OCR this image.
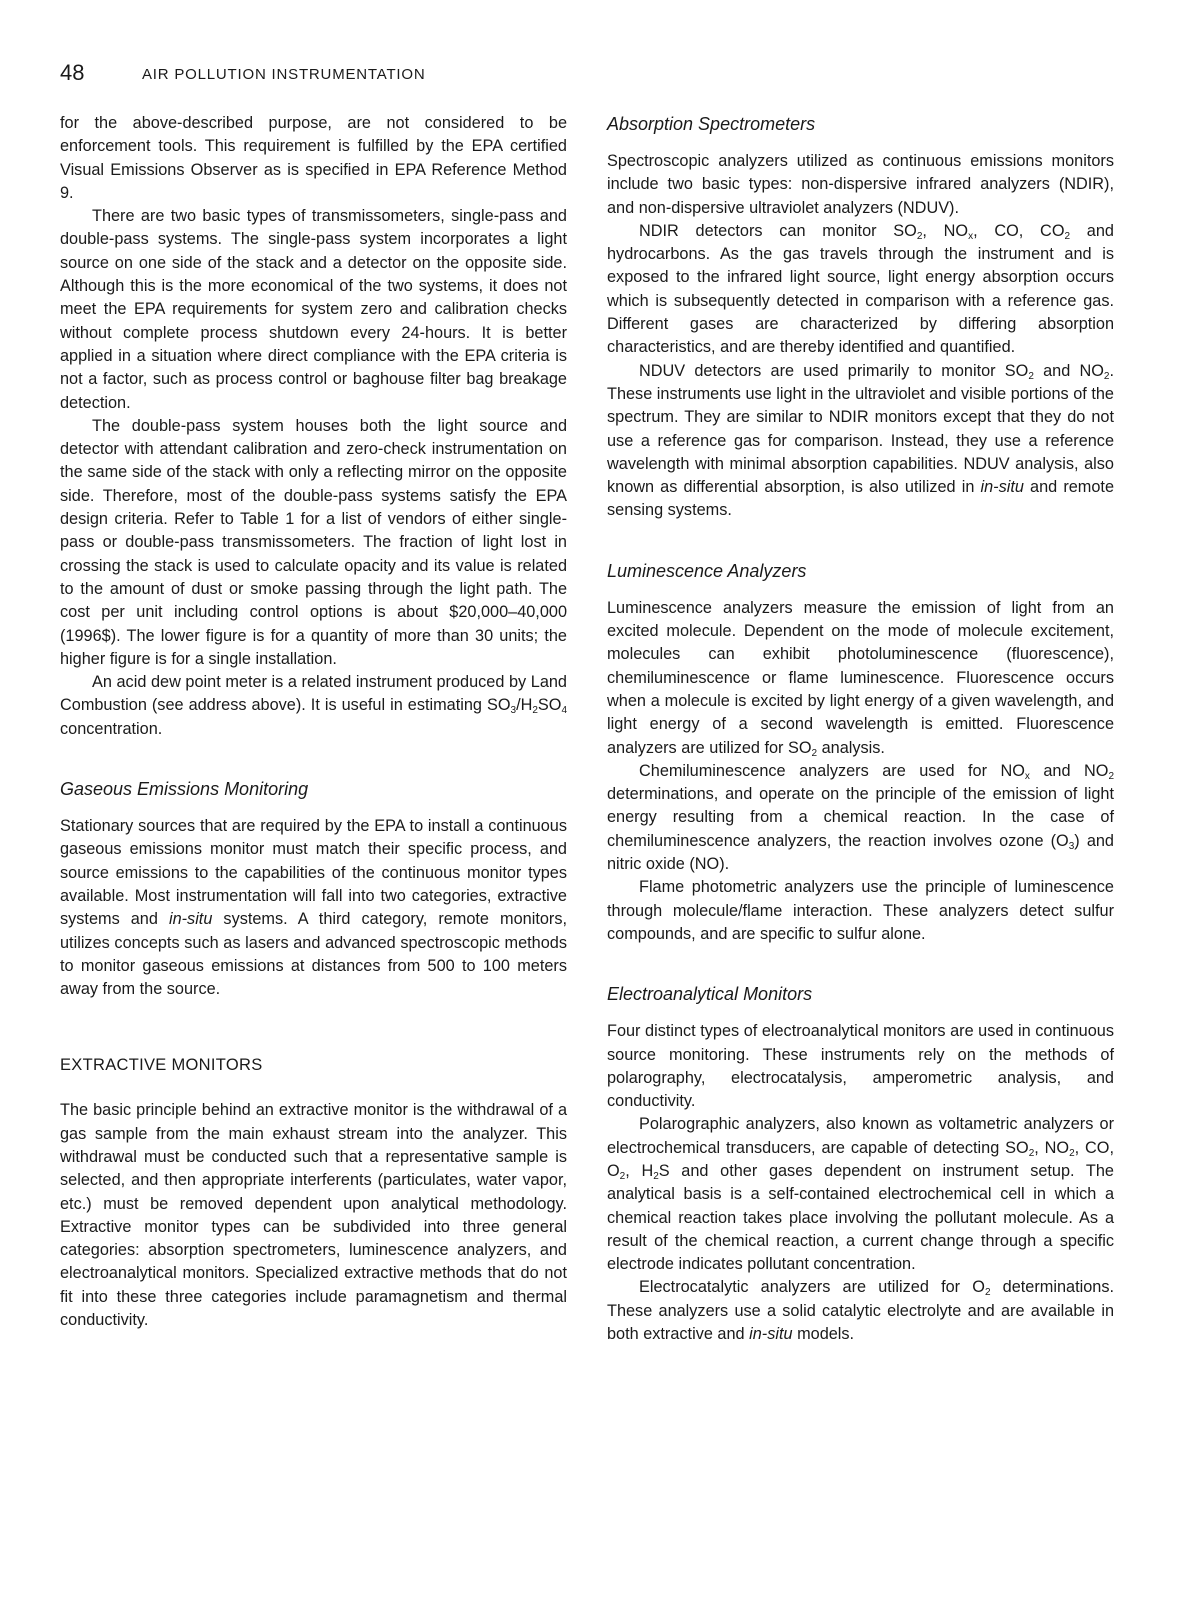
48	AIR POLLUTION INSTRUMENTATION

for the above-described purpose, are not considered to be enforcement tools. This requirement is fulfilled by the EPA certified Visual Emissions Observer as is specified in EPA Reference Method 9.

There are two basic types of transmissometers, single-pass and double-pass systems. The single-pass system incorporates a light source on one side of the stack and a detector on the opposite side. Although this is the more economical of the two systems, it does not meet the EPA requirements for system zero and calibration checks without complete process shutdown every 24-hours. It is better applied in a situation where direct compliance with the EPA criteria is not a factor, such as process control or baghouse filter bag breakage detection.

The double-pass system houses both the light source and detector with attendant calibration and zero-check instrumentation on the same side of the stack with only a reflecting mirror on the opposite side. Therefore, most of the double-pass systems satisfy the EPA design criteria. Refer to Table 1 for a list of vendors of either single-pass or double-pass transmissometers. The fraction of light lost in crossing the stack is used to calculate opacity and its value is related to the amount of dust or smoke passing through the light path. The cost per unit including control options is about $20,000–40,000 (1996$). The lower figure is for a quantity of more than 30 units; the higher figure is for a single installation.

An acid dew point meter is a related instrument produced by Land Combustion (see address above). It is useful in estimating $SO_3/H_2SO_4$ concentration.

Gaseous Emissions Monitoring

Stationary sources that are required by the EPA to install a continuous gaseous emissions monitor must match their specific process, and source emissions to the capabilities of the continuous monitor types available. Most instrumentation will fall into two categories, extractive systems and in-situ systems. A third category, remote monitors, utilizes concepts such as lasers and advanced spectroscopic methods to monitor gaseous emissions at distances from 500 to 100 meters away from the source.

EXTRACTIVE MONITORS

The basic principle behind an extractive monitor is the withdrawal of a gas sample from the main exhaust stream into the analyzer. This withdrawal must be conducted such that a representative sample is selected, and then appropriate interferents (particulates, water vapor, etc.) must be removed dependent upon analytical methodology. Extractive monitor types can be subdivided into three general categories: absorption spectrometers, luminescence analyzers, and electroanalytical monitors. Specialized extractive methods that do not fit into these three categories include paramagnetism and thermal conductivity.

Absorption Spectrometers

Spectroscopic analyzers utilized as continuous emissions monitors include two basic types: non-dispersive infrared analyzers (NDIR), and non-dispersive ultraviolet analyzers (NDUV).

NDIR detectors can monitor $SO_2$, $NO_x$, CO, $CO_2$ and hydrocarbons. As the gas travels through the instrument and is exposed to the infrared light source, light energy absorption occurs which is subsequently detected in comparison with a reference gas. Different gases are characterized by differing absorption characteristics, and are thereby identified and quantified.

NDUV detectors are used primarily to monitor $SO_2$ and $NO_2$. These instruments use light in the ultraviolet and visible portions of the spectrum. They are similar to NDIR monitors except that they do not use a reference gas for comparison. Instead, they use a reference wavelength with minimal absorption capabilities. NDUV analysis, also known as differential absorption, is also utilized in in-situ and remote sensing systems.

Luminescence Analyzers

Luminescence analyzers measure the emission of light from an excited molecule. Dependent on the mode of molecule excitement, molecules can exhibit photoluminescence (fluorescence), chemiluminescence or flame luminescence. Fluorescence occurs when a molecule is excited by light energy of a given wavelength, and light energy of a second wavelength is emitted. Fluorescence analyzers are utilized for $SO_2$ analysis.

Chemiluminescence analyzers are used for $NO_x$ and $NO_2$ determinations, and operate on the principle of the emission of light energy resulting from a chemical reaction. In the case of chemiluminescence analyzers, the reaction involves ozone $(O_3)$ and nitric oxide (NO).

Flame photometric analyzers use the principle of luminescence through molecule/flame interaction. These analyzers detect sulfur compounds, and are specific to sulfur alone.

Electroanalytical Monitors

Four distinct types of electroanalytical monitors are used in continuous source monitoring. These instruments rely on the methods of polarography, electrocatalysis, amperometric analysis, and conductivity.

Polarographic analyzers, also known as voltametric analyzers or electrochemical transducers, are capable of detecting $SO_2$, $NO_2$, CO, $O_2$, $H_2S$ and other gases dependent on instrument setup. The analytical basis is a self-contained electrochemical cell in which a chemical reaction takes place involving the pollutant molecule. As a result of the chemical reaction, a current change through a specific electrode indicates pollutant concentration.

Electrocatalytic analyzers are utilized for $O_2$ determinations. These analyzers use a solid catalytic electrolyte and are available in both extractive and in-situ models.
